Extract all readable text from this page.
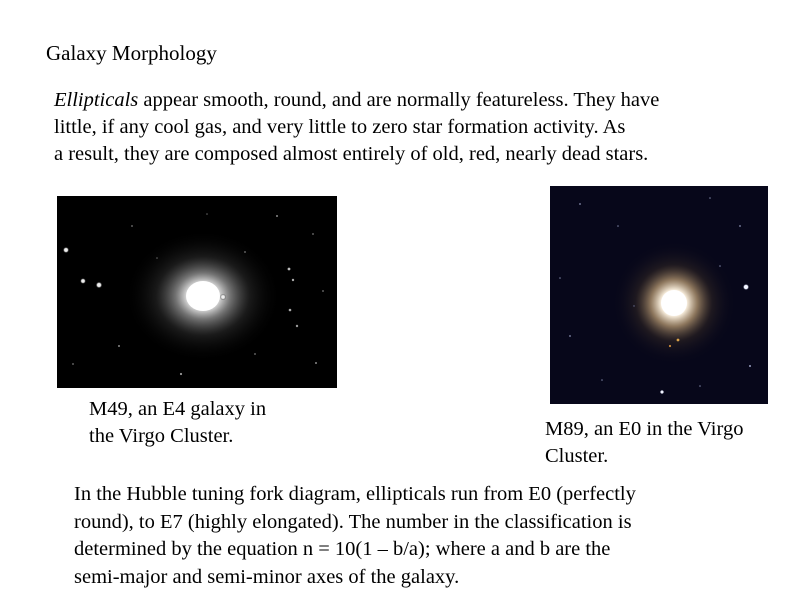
Galaxy Morphology
Ellipticals appear smooth, round, and are normally featureless. They have
little, if any cool gas, and very little to zero star formation activity. As
a result, they are composed almost entirely of old, red, nearly dead stars.
M49, an E4 galaxy in
the Virgo Cluster.	M89, an E0 in the Virgo
Cluster.
In the Hubble tuning fork diagram, ellipticals run from E0 (perfectly
round), to E7 (highly elongated). The number in the classification is
determined by the equation n = 10(1 – b/a); where a and b are the
semi-major and semi-minor axes of the galaxy.
